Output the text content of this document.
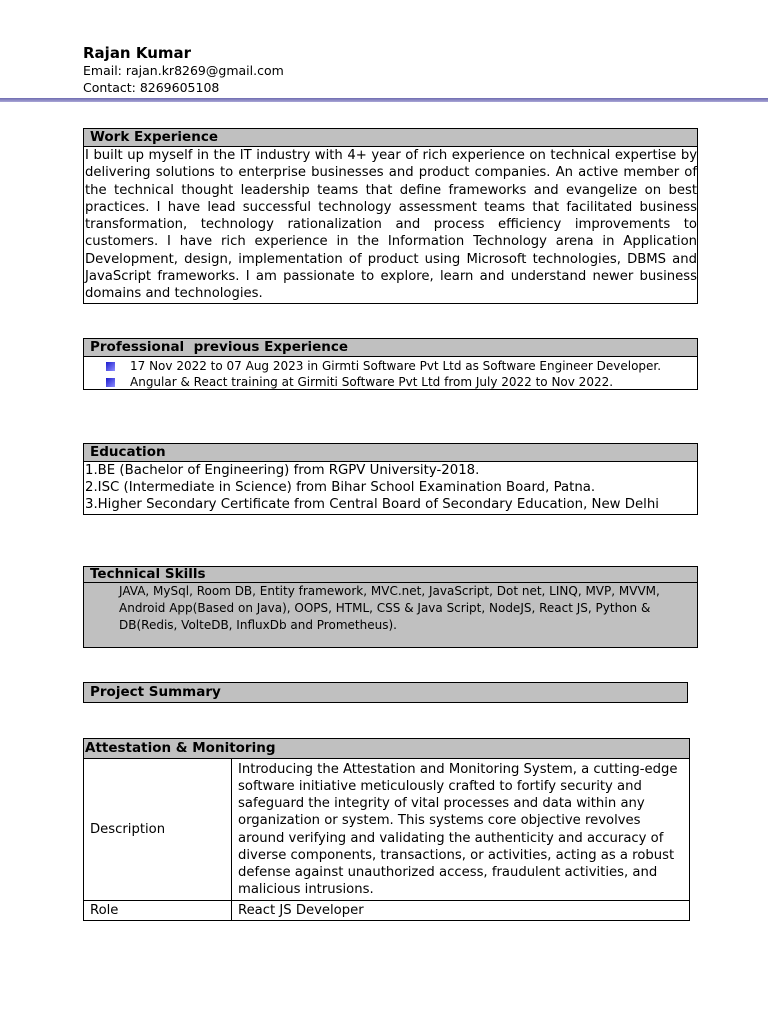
Rajan Kumar
Email: rajan.kr8269@gmail.com
Contact: 8269605108
Work Experience
I built up myself in the IT industry with 4+ year of rich experience on technical expertise by delivering solutions to enterprise businesses and product companies. An active member of the technical thought leadership teams that define frameworks and evangelize on best practices. I have lead successful technology assessment teams that facilitated business transformation, technology rationalization and process efficiency improvements to customers. I have rich experience in the Information Technology arena in Application Development, design, implementation of product using Microsoft technologies, DBMS and JavaScript frameworks. I am passionate to explore, learn and understand newer business domains and technologies.
Professional  previous Experience
17 Nov 2022 to 07 Aug 2023 in Girmti Software Pvt Ltd as Software Engineer Developer.
Angular & React training at Girmiti Software Pvt Ltd from July 2022 to Nov 2022.
Education
1.BE (Bachelor of Engineering) from RGPV University-2018.
2.ISC (Intermediate in Science) from Bihar School Examination Board, Patna.
3.Higher Secondary Certificate from Central Board of Secondary Education, New Delhi
Technical Skills
JAVA, MySql, Room DB, Entity framework, MVC.net, JavaScript, Dot net, LINQ, MVP, MVVM, Android App(Based on Java), OOPS, HTML, CSS & Java Script, NodeJS, React JS, Python & DB(Redis, VolteDB, InfluxDb and Prometheus).
Project Summary
Attestation & Monitoring
Description	Introducing the Attestation and Monitoring System, a cutting-edge software initiative meticulously crafted to fortify security and safeguard the integrity of vital processes and data within any organization or system. This systems core objective revolves around verifying and validating the authenticity and accuracy of diverse components, transactions, or activities, acting as a robust defense against unauthorized access, fraudulent activities, and malicious intrusions.
Role	React JS Developer
